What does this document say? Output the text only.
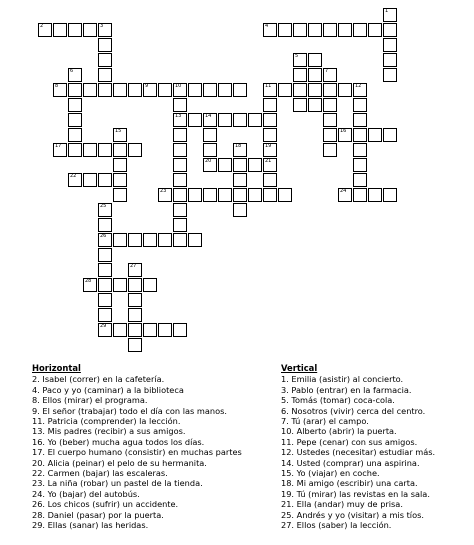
2	3	4
8	9	10	11
13	14
16
17
20
22
23	24
26
28
29
1
5
6	7
12
15
18	19
21
25
27
Horizontal
2. Isabel (correr) en la cafetería.
4. Paco y yo (caminar) a la biblioteca
8. Ellos (mirar) el programa.
9. El señor (trabajar) todo el día con las manos.
11. Patricia (comprender) la lección.
13. Mis padres (recibir) a sus amigos.
16. Yo (beber) mucha agua todos los días.
17. El cuerpo humano (consistir) en muchas partes
20. Alicia (peinar) el pelo de su hermanita.
22. Carmen (bajar) las escaleras.
23. La niña (robar) un pastel de la tienda.
24. Yo (bajar) del autobús.
26. Los chicos (sufrir) un accidente.
28. Daniel (pasar) por la puerta.
29. Ellas (sanar) las heridas.
Vertical
1. Emilia (asistir) al concierto.
3. Pablo (entrar) en la farmacia.
5. Tomás (tomar) coca-cola.
6. Nosotros (vivir) cerca del centro.
7. Tú (arar) el campo.
10. Alberto (abrir) la puerta.
11. Pepe (cenar) con sus amigos.
12. Ustedes (necesitar) estudiar más.
14. Usted (comprar) una aspirina.
15. Yo (viajar) en coche.
18. Mi amigo (escribir) una carta.
19. Tú (mirar) las revistas en la sala.
21. Ella (andar) muy de prisa.
25. Andrés y yo (visitar) a mis tíos.
27. Ellos (saber) la lección.
